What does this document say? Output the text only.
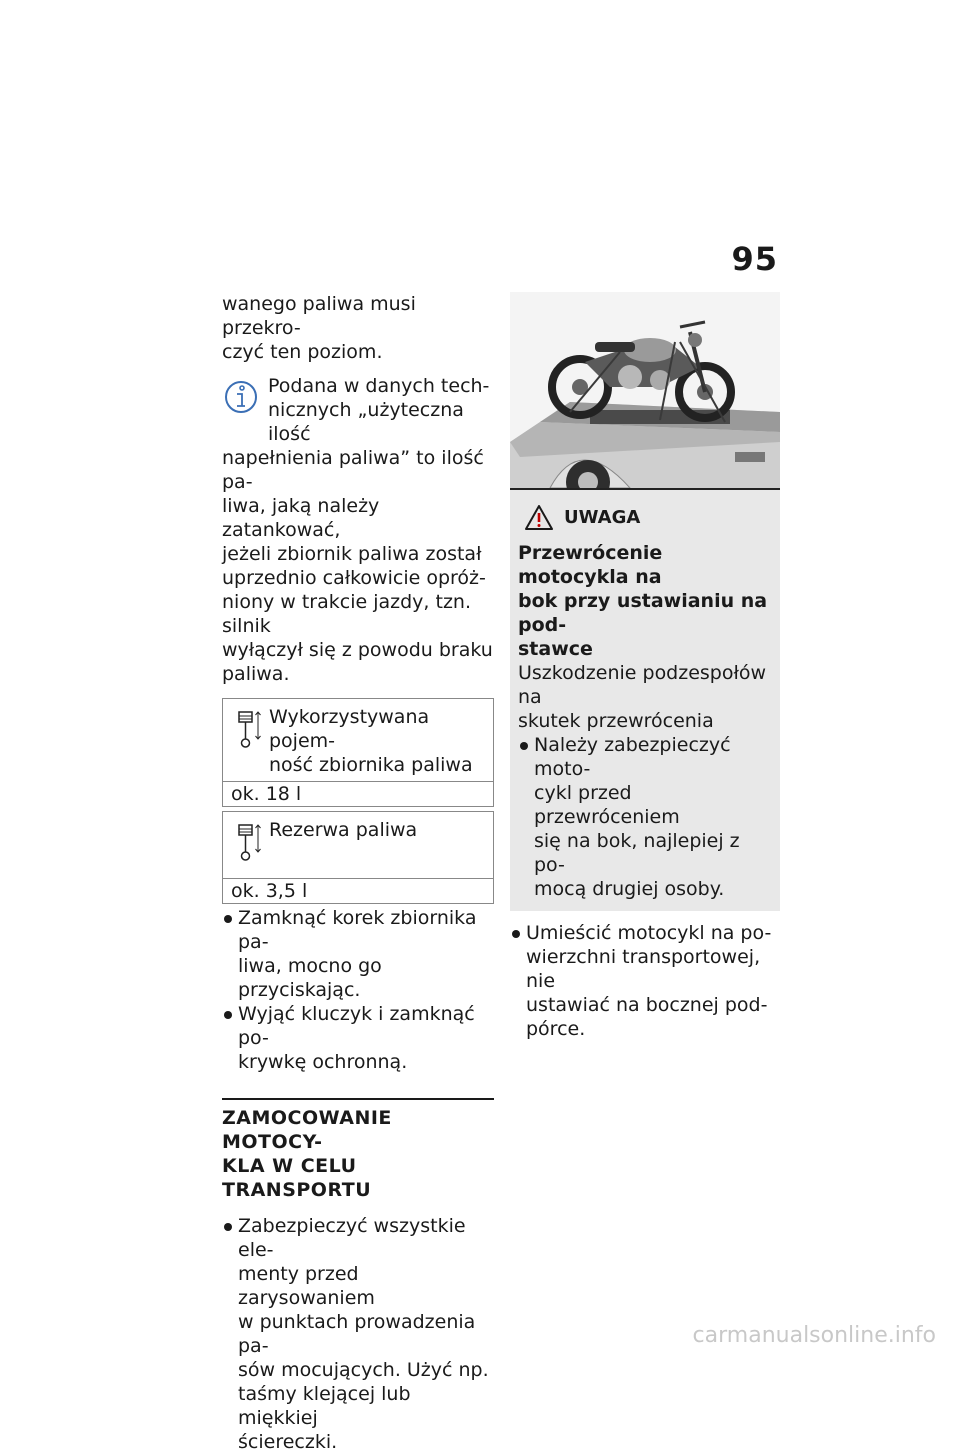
95

wanego paliwa musi przekro-
czyć ten poziom.

Podana w danych tech-
nicznych „użyteczna ilość
napełnienia paliwa” to ilość pa-
liwa, jaką należy zatankować,
jeżeli zbiornik paliwa został
uprzednio całkowicie opróż-
niony w trakcie jazdy, tzn. silnik
wyłączył się z powodu braku
paliwa.

Wykorzystywana pojem-
ność zbiornika paliwa
ok. 18 l
Rezerwa paliwa
ok. 3,5 l
Zamknąć korek zbiornika pa-
liwa, mocno go przyciskając.
Wyjąć kluczyk i zamknąć po-
krywkę ochronną.
ZAMOCOWANIE MOTOCY-
KLA W CELU TRANSPORTU
Zabezpieczyć wszystkie ele-
menty przed zarysowaniem
w punktach prowadzenia pa-
sów mocujących. Użyć np.
taśmy klejącej lub miękkiej
ściereczki.
UWAGA

Przewrócenie motocykla na
bok przy ustawianiu na pod-
stawce

Uszkodzenie podzespołów na
skutek przewrócenia

Należy zabezpieczyć moto-
cykl przed przewróceniem
się na bok, najlepiej z po-
mocą drugiej osoby.
Umieścić motocykl na po-
wierzchni transportowej, nie
ustawiać na bocznej pod-
pórce.
carmanualsonline.info
